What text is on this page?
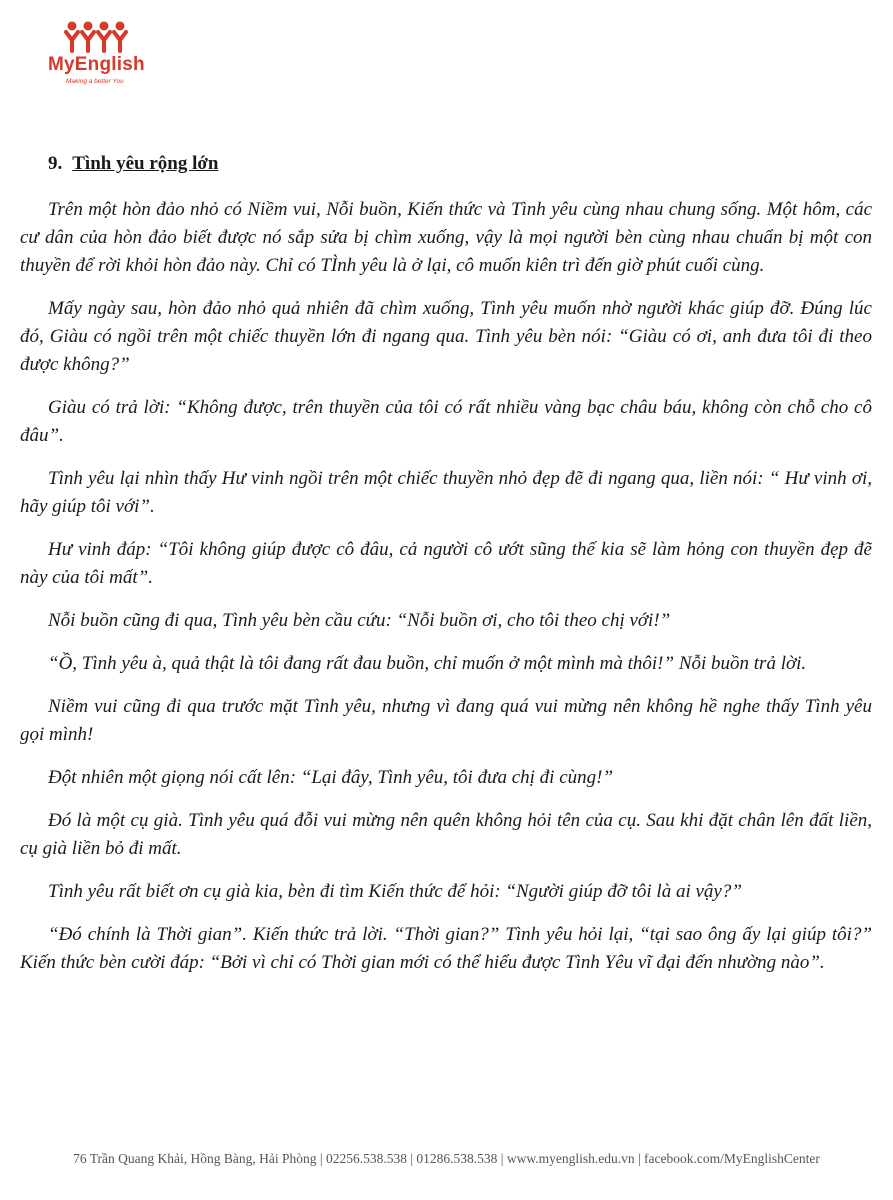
MyEnglish
Making a better You
9. Tình yêu rộng lớn

Trên một hòn đảo nhỏ có Niềm vui, Nỗi buồn, Kiến thức và Tình yêu cùng nhau chung sống. Một hôm, các cư dân của hòn đảo biết được nó sắp sửa bị chìm xuống, vậy là mọi người bèn cùng nhau chuẩn bị một con thuyền để rời khỏi hòn đảo này. Chỉ có TÌnh yêu là ở lại, cô muốn kiên trì đến giờ phút cuối cùng.

Mấy ngày sau, hòn đảo nhỏ quả nhiên đã chìm xuống, Tình yêu muốn nhờ người khác giúp đỡ. Đúng lúc đó, Giàu có ngồi trên một chiếc thuyền lớn đi ngang qua. Tình yêu bèn nói: “Giàu có ơi, anh đưa tôi đi theo được không?”

Giàu có trả lời: “Không được, trên thuyền của tôi có rất nhiều vàng bạc châu báu, không còn chỗ cho cô đâu”.

Tình yêu lại nhìn thấy Hư vinh ngồi trên một chiếc thuyền nhỏ đẹp đẽ đi ngang qua, liền nói: “ Hư vinh ơi, hãy giúp tôi với”.

Hư vinh đáp: “Tôi không giúp được cô đâu, cả người cô ướt sũng thế kia sẽ làm hỏng con thuyền đẹp đẽ này của tôi mất”.

Nỗi buồn cũng đi qua, Tình yêu bèn cầu cứu: “Nỗi buồn ơi, cho tôi theo chị với!”

“Ồ, Tình yêu à, quả thật là tôi đang rất đau buồn, chỉ muốn ở một mình mà thôi!” Nỗi buồn trả lời.

Niềm vui cũng đi qua trước mặt Tình yêu, nhưng vì đang quá vui mừng nên không hề nghe thấy Tình yêu gọi mình!

Đột nhiên một giọng nói cất lên: “Lại đây, Tình yêu, tôi đưa chị đi cùng!”

Đó là một cụ già. Tình yêu quá đỗi vui mừng nên quên không hỏi tên của cụ. Sau khi đặt chân lên đất liền, cụ già liền bỏ đi mất.

Tình yêu rất biết ơn cụ già kia, bèn đi tìm Kiến thức để hỏi: “Người giúp đỡ tôi là ai vậy?”

“Đó chính là Thời gian”. Kiến thức trả lời. “Thời gian?” Tình yêu hỏi lại, “tại sao ông ấy lại giúp tôi?” Kiến thức bèn cười đáp: “Bởi vì chỉ có Thời gian mới có thể hiểu được Tình Yêu vĩ đại đến nhường nào”.

76 Trần Quang Khải, Hồng Bàng, Hải Phòng | 02256.538.538 | 01286.538.538 | www.myenglish.edu.vn | facebook.com/MyEnglishCenter
